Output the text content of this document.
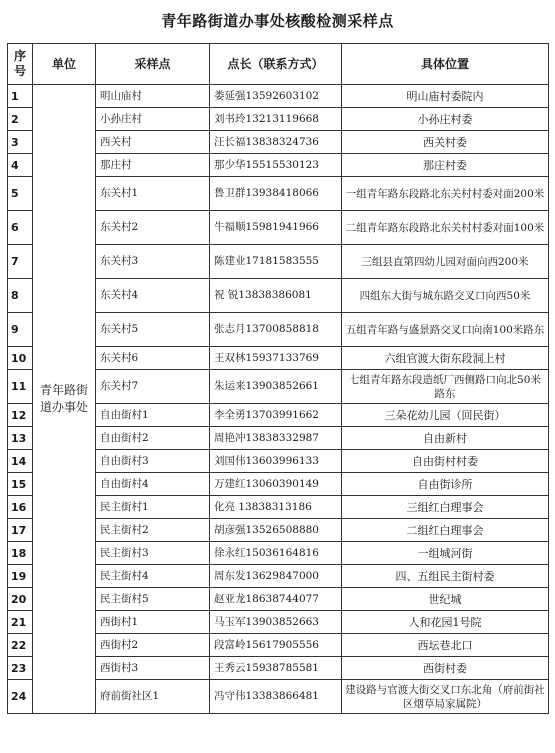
青年路街道办事处核酸检测采样点
序号	单位	采样点	点长（联系方式）	具体位置
1	青年路街道办事处	明山庙村	娄延强13592603102	明山庙村委院内
2		小孙庄村	刘书玲13213119668	小孙庄村委
3		西关村	汪长福13838324736	西关村委
4		那庄村	那少华15515530123	那庄村委
5		东关村1	鲁卫群13938418066	一组青年路东段路北东关村村委对面200米
6		东关村2	牛福顺15981941966	二组青年路东段路北东关村村委对面100米
7		东关村3	陈建业17181583555	三组县直第四幼儿园对面向西200米
8		东关村4	祝 锐13838386081	四组东大街与城东路交叉口向西50米
9		东关村5	张志月13700858818	五组青年路与盛景路交叉口向南100米路东
10		东关村6	王双林15937133769	六组官渡大街东段洞上村
11		东关村7	朱运来13903852661	七组青年路东段造纸厂西侧路口向北50米路东
12		自由街村1	李全勇13703991662	三朵花幼儿园（回民街）
13		自由街村2	周艳冲13838332987	自由新村
14		自由街村3	刘国伟13603996133	自由街村村委
15		自由街村4	万建红13060390149	自由街诊所
16		民主街村1	化亮 13838313186	三组红白理事会
17		民主街村2	胡彦强13526508880	二组红白理事会
18		民主街村3	徐永红15036164816	一组城河街
19		民主街村4	周东发13629847000	四、五组民主街村委
20		民主街村5	赵亚龙18638744077	世纪城
21		西街村1	马玉军13903852663	人和花园1号院
22		西街村2	段富岭15617905556	西坛巷北口
23		西街村3	王秀云15938785581	西街村委
24		府前街社区1	冯守伟13383866481	建设路与官渡大街交叉口东北角（府前街社区烟草局家属院）
